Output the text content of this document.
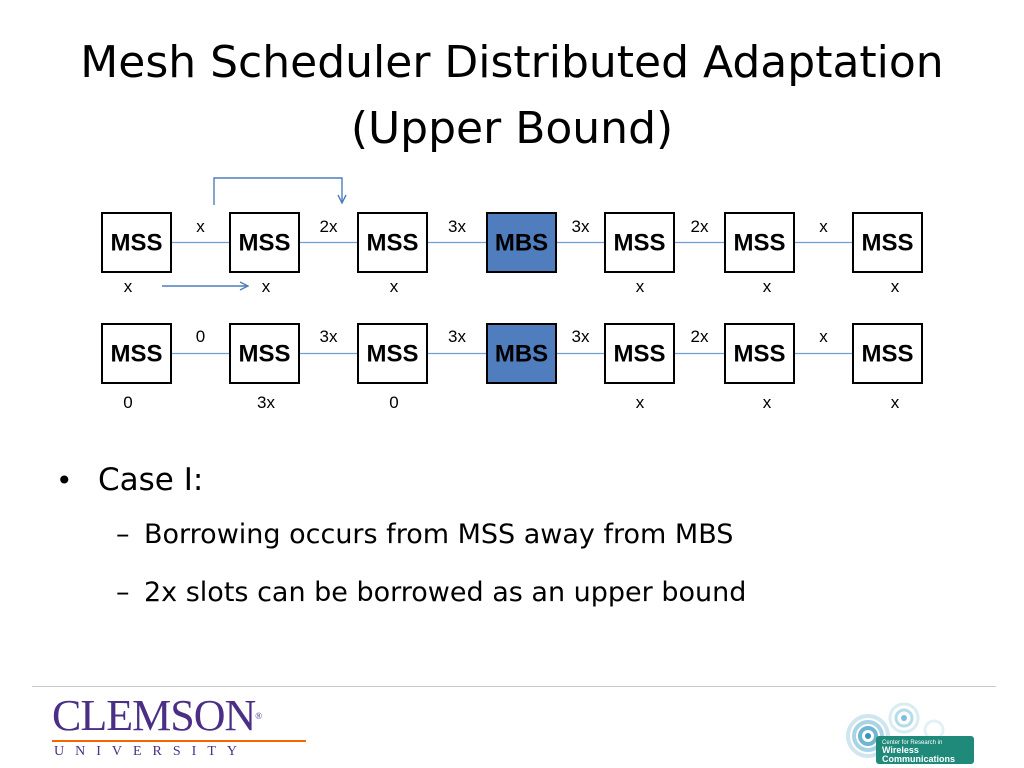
Mesh Scheduler Distributed Adaptation
(Upper Bound)
x	2x	3x	3x	2x	x
MSS
x
MSS
x
MSS
x
MBS	MSS
x
MSS
x
MSS
x
0	3x	3x	3x	2x	x
MSS
0
MSS
3x
MSS
0
MBS	MSS
x
MSS
x
MSS
x
• Case I:
– Borrowing occurs from MSS away from MBS
– 2x slots can be borrowed as an upper bound
CLEMSON®
UNIVERSITY
Center for Research in
Wireless
Communications
